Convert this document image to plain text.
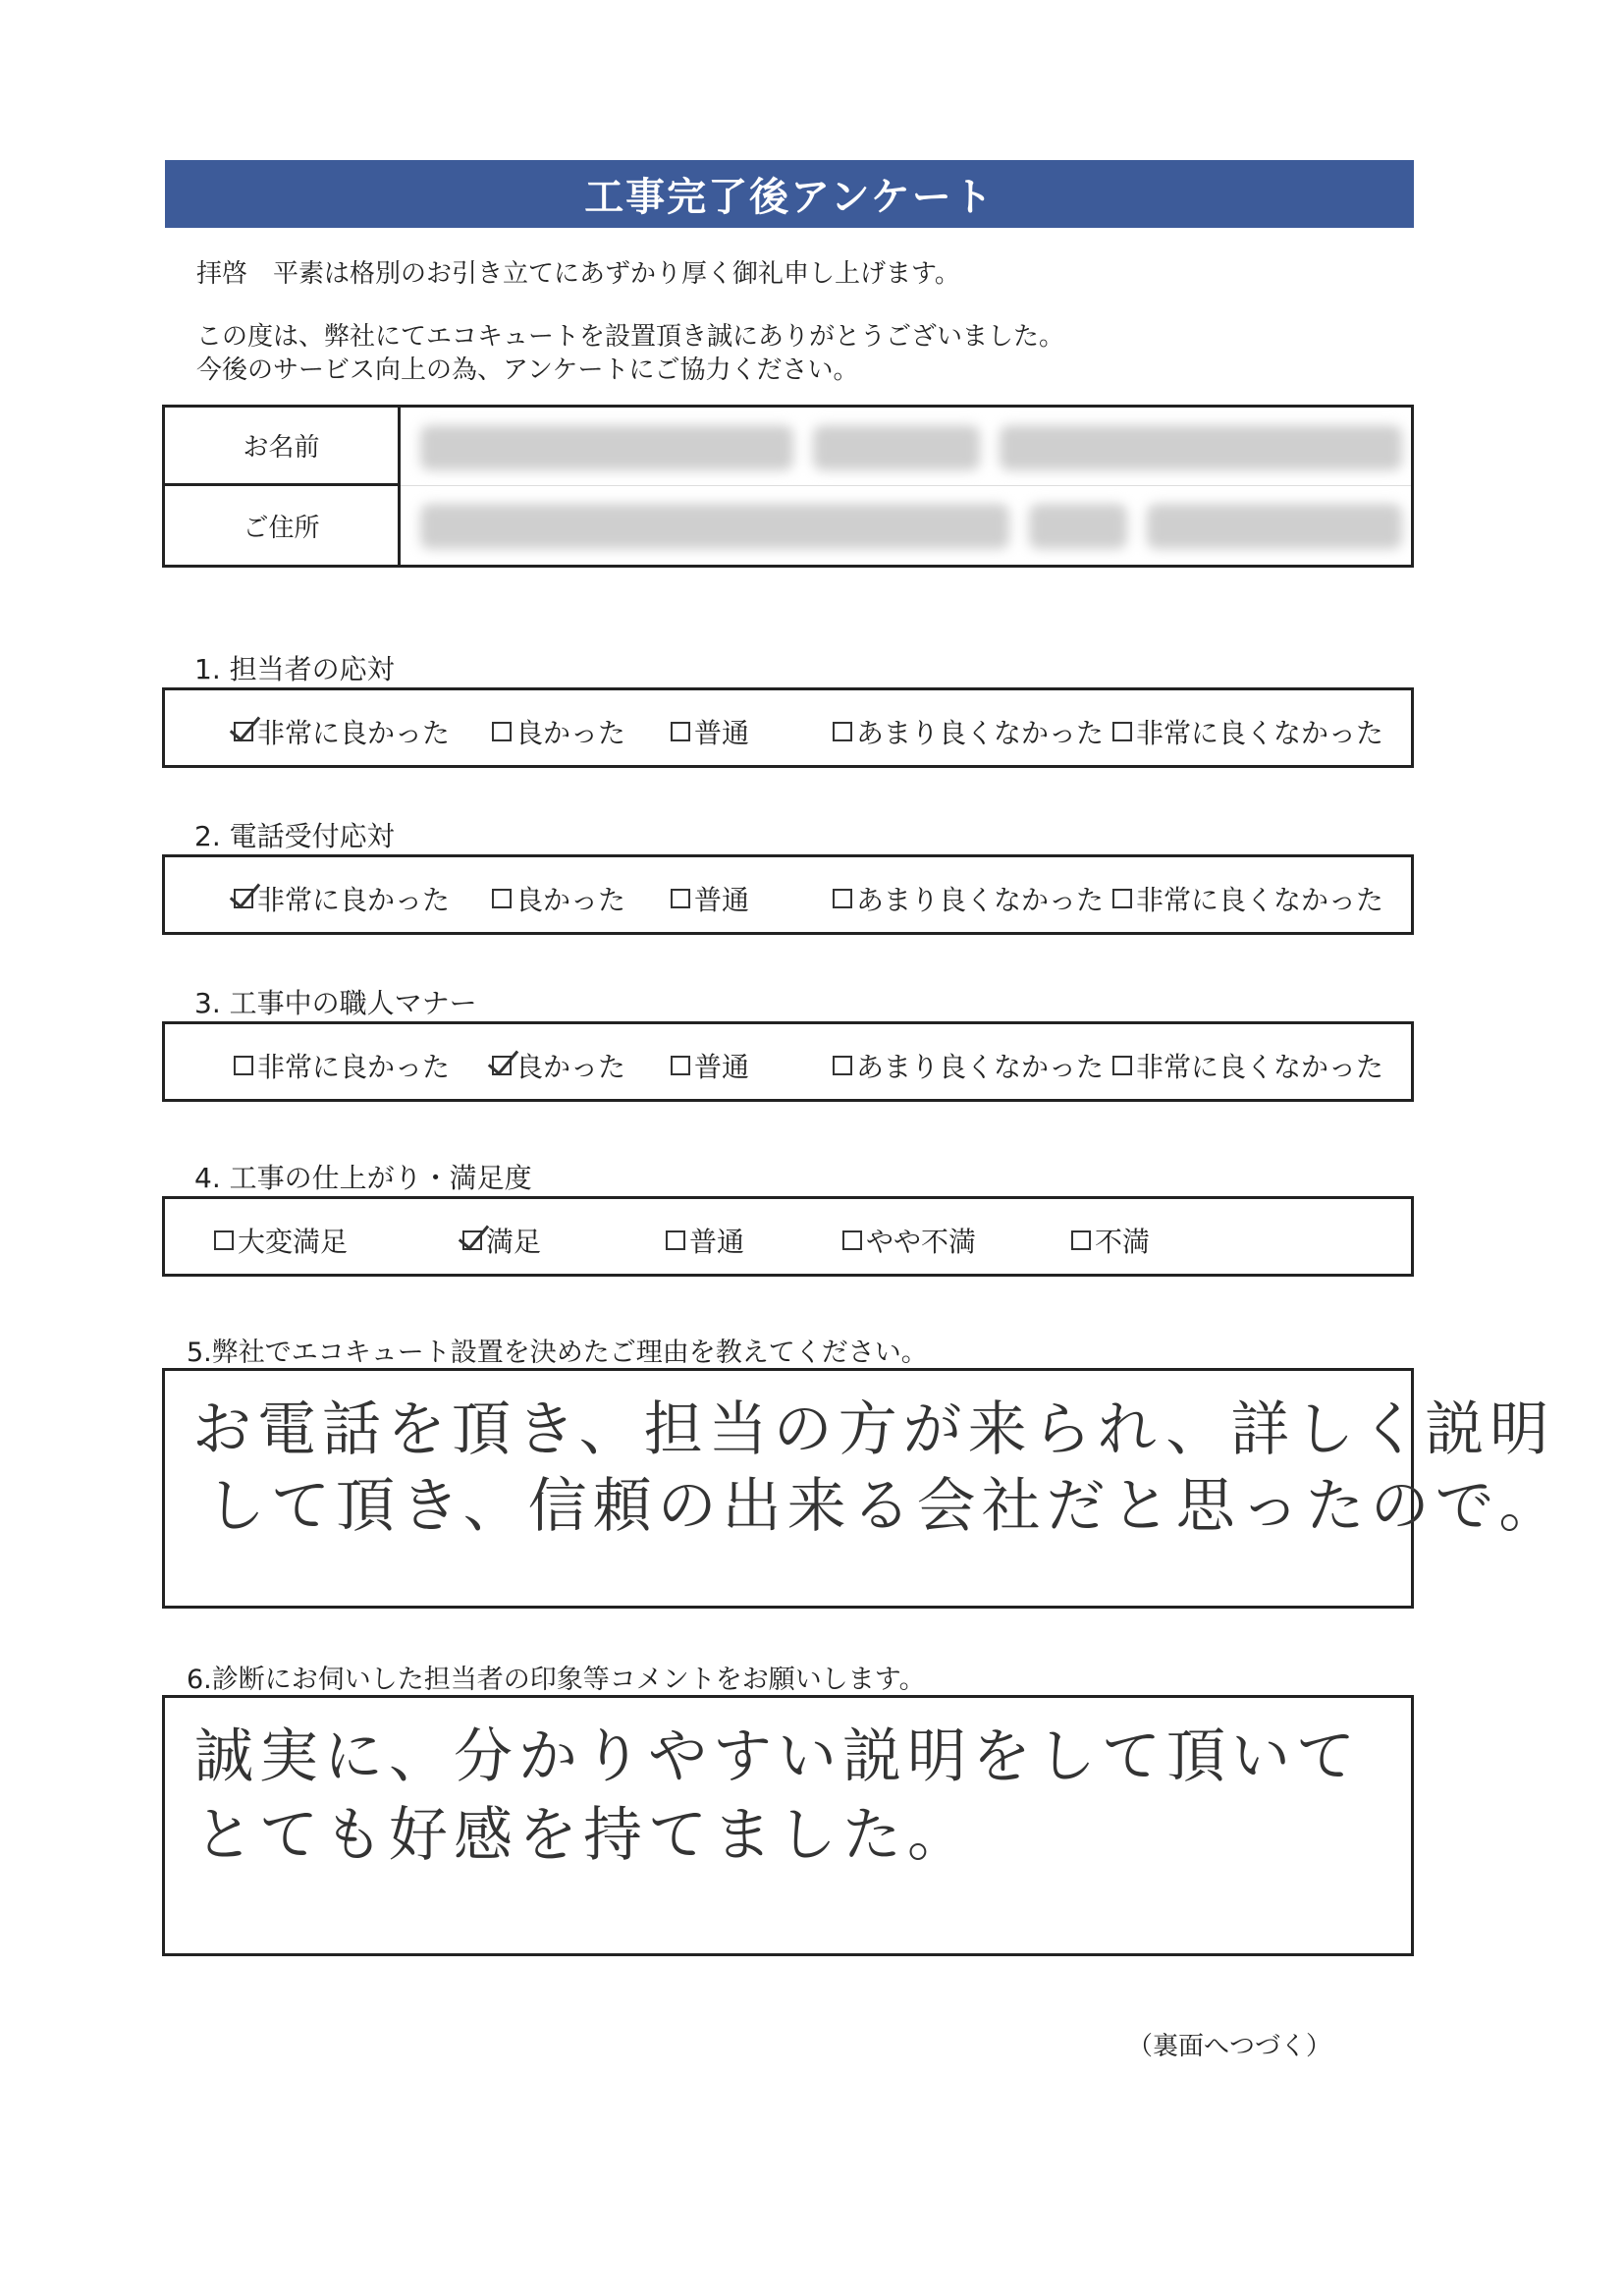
工事完了後アンケート
拝啓　平素は格別のお引き立てにあずかり厚く御礼申し上げます。
この度は、弊社にてエコキュートを設置頂き誠にありがとうございました。
今後のサービス向上の為、アンケートにご協力ください。
お名前
ご住所
1. 担当者の応対
非常に良かった 良かった 普通	あまり良くなかった 非常に良くなかった
2. 電話受付応対
非常に良かった 良かった 普通	あまり良くなかった 非常に良くなかった
3. 工事中の職人マナー
非常に良かった 良かった 普通	あまり良くなかった 非常に良くなかった
4. 工事の仕上がり・満足度
大変満足	満足	普通	やや不満	不満
5.弊社でエコキュート設置を決めたご理由を教えてください。
お電話を頂き、担当の方が来られ、詳しく説明
して頂き、信頼の出来る会社だと思ったので。
6.診断にお伺いした担当者の印象等コメントをお願いします。
誠実に、分かりやすい説明をして頂いて
とても好感を持てました。
（裏面へつづく）
